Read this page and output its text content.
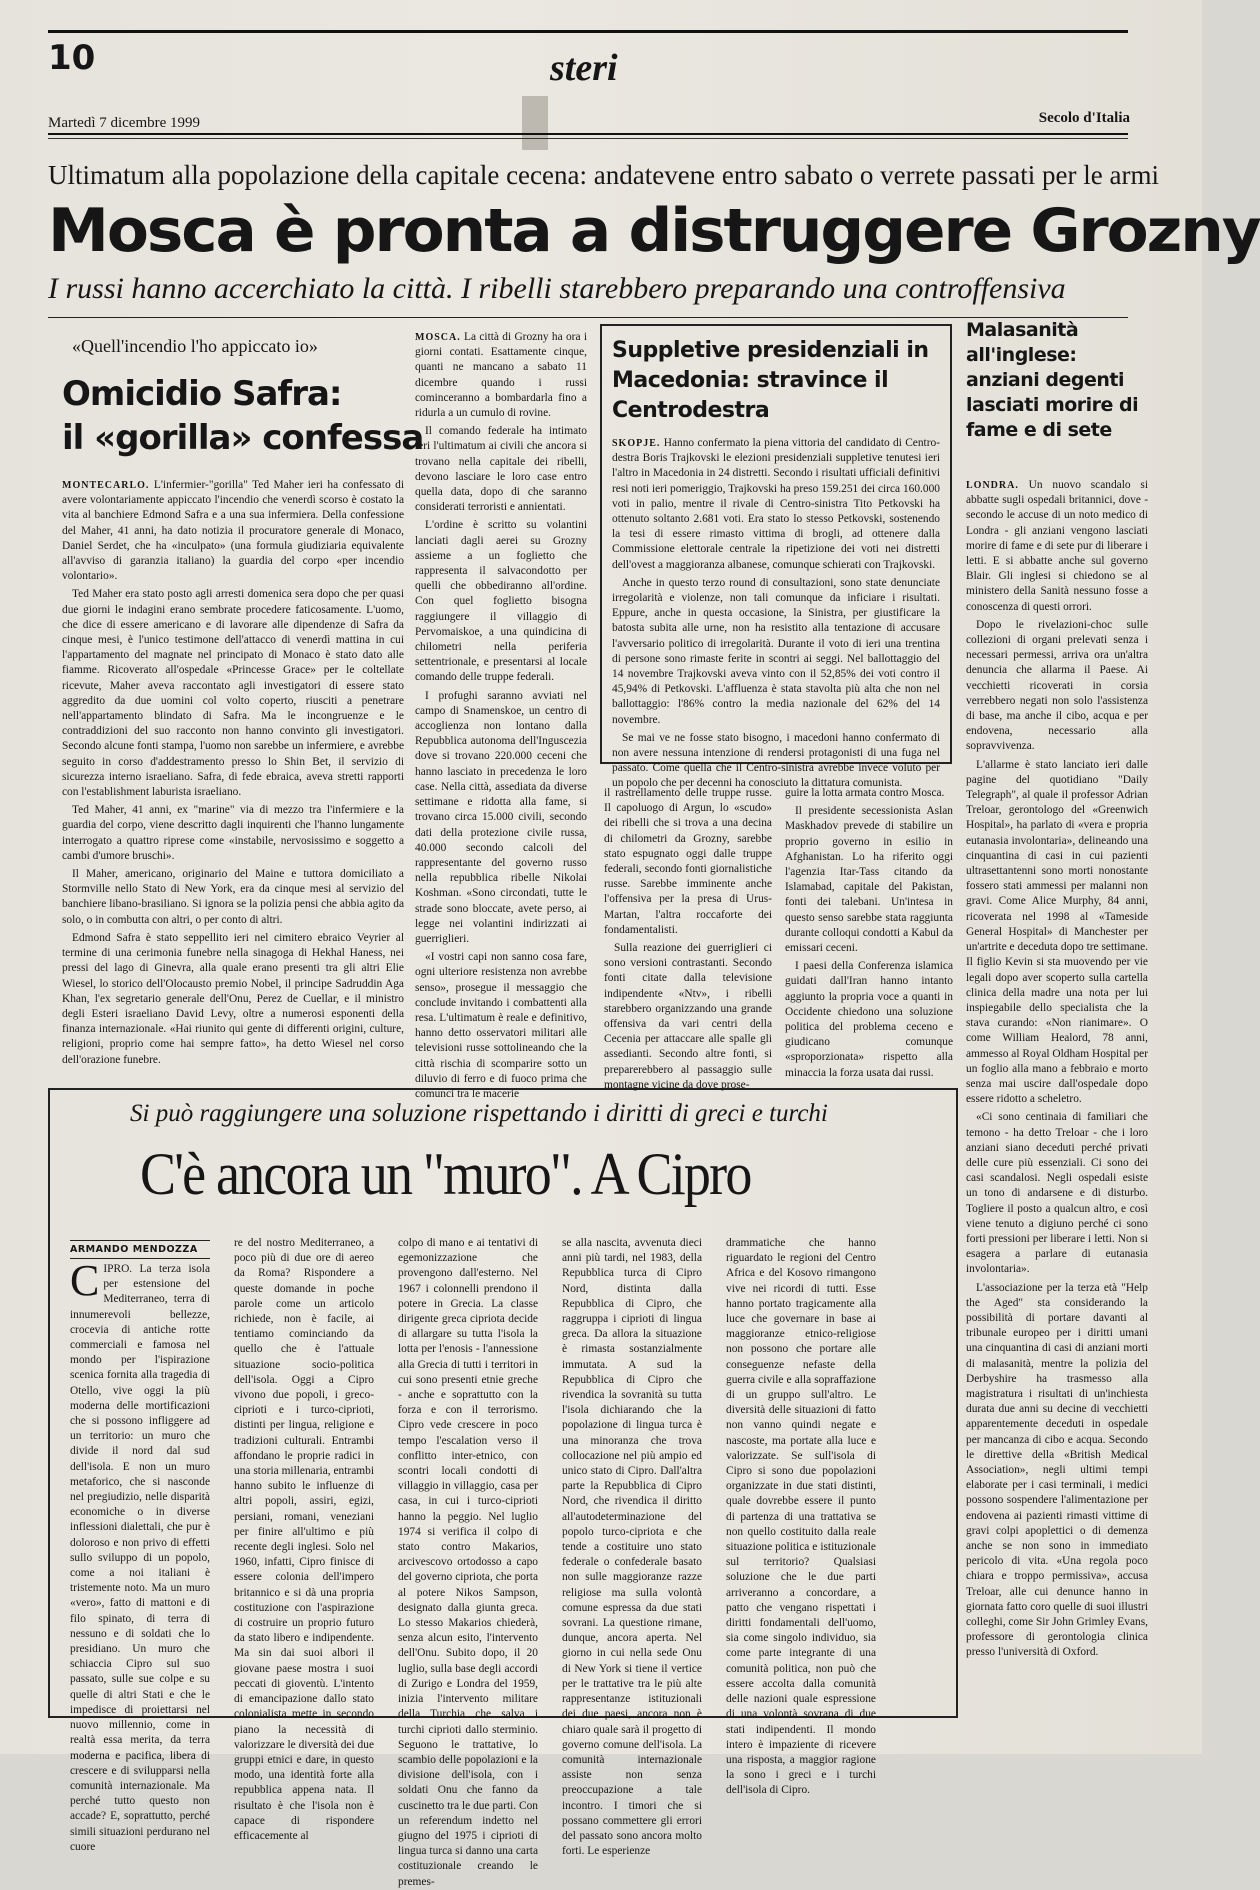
10	steri
Martedì 7 dicembre 1999	Secolo d'Italia
Ultimatum alla popolazione della capitale cecena: andatevene entro sabato o verrete passati per le armi
Mosca è pronta a distruggere Grozny
I russi hanno accerchiato la città. I ribelli starebbero preparando una controffensiva
«Quell'incendio l'ho appiccato io»
Omicidio Safra:
il «gorilla» confessa

MONTECARLO. L'infermier-"gorilla" Ted Maher ieri ha confessato di avere volontariamente appiccato l'incendio che venerdì scorso è costato la vita al banchiere Edmond Safra e a una sua infermiera. Della confessione del Maher, 41 anni, ha dato notizia il procuratore generale di Monaco, Daniel Serdet, che ha «inculpato» (una formula giudiziaria equivalente all'avviso di garanzia italiano) la guardia del corpo «per incendio volontario».

Ted Maher era stato posto agli arresti domenica sera dopo che per quasi due giorni le indagini erano sembrate procedere faticosamente. L'uomo, che dice di essere americano e di lavorare alle dipendenze di Safra da cinque mesi, è l'unico testimone dell'attacco di venerdì mattina in cui l'appartamento del magnate nel principato di Monaco è stato dato alle fiamme. Ricoverato all'ospedale «Princesse Grace» per le coltellate ricevute, Maher aveva raccontato agli investigatori di essere stato aggredito da due uomini col volto coperto, riusciti a penetrare nell'appartamento blindato di Safra. Ma le incongruenze e le contraddizioni del suo racconto non hanno convinto gli investigatori. Secondo alcune fonti stampa, l'uomo non sarebbe un infermiere, e avrebbe seguito in corso d'addestramento presso lo Shin Bet, il servizio di sicurezza interno israeliano. Safra, di fede ebraica, aveva stretti rapporti con l'establishment laburista israeliano.

Ted Maher, 41 anni, ex "marine" via di mezzo tra l'infermiere e la guardia del corpo, viene descritto dagli inquirenti che l'hanno lungamente interrogato a quattro riprese come «instabile, nervosissimo e soggetto a cambi d'umore bruschi».

Il Maher, americano, originario del Maine e tuttora domiciliato a Stormville nello Stato di New York, era da cinque mesi al servizio del banchiere libano-brasiliano. Si ignora se la polizia pensi che abbia agito da solo, o in combutta con altri, o per conto di altri.

Edmond Safra è stato seppellito ieri nel cimitero ebraico Veyrier al termine di una cerimonia funebre nella sinagoga di Hekhal Haness, nei pressi del lago di Ginevra, alla quale erano presenti tra gli altri Elie Wiesel, lo storico dell'Olocausto premio Nobel, il principe Sadruddin Aga Khan, l'ex segretario generale dell'Onu, Perez de Cuellar, e il ministro degli Esteri israeliano David Levy, oltre a numerosi esponenti della finanza internazionale. «Hai riunito qui gente di differenti origini, culture, religioni, proprio come hai sempre fatto», ha detto Wiesel nel corso dell'orazione funebre.

MOSCA. La città di Grozny ha ora i giorni contati. Esattamente cinque, quanti ne mancano a sabato 11 dicembre quando i russi cominceranno a bombardarla fino a ridurla a un cumulo di rovine.

Il comando federale ha intimato ieri l'ultimatum ai civili che ancora si trovano nella capitale dei ribelli, devono lasciare le loro case entro quella data, dopo di che saranno considerati terroristi e annientati.

L'ordine è scritto su volantini lanciati dagli aerei su Grozny assieme a un foglietto che rappresenta il salvacondotto per quelli che obbediranno all'ordine. Con quel foglietto bisogna raggiungere il villaggio di Pervomaiskoe, a una quindicina di chilometri nella periferia settentrionale, e presentarsi al locale comando delle truppe federali.

I profughi saranno avviati nel campo di Snamenskoe, un centro di accoglienza non lontano dalla Repubblica autonoma dell'Inguscezia dove si trovano 220.000 ceceni che hanno lasciato in precedenza le loro case. Nella città, assediata da diverse settimane e ridotta alla fame, si trovano circa 15.000 civili, secondo dati della protezione civile russa, 40.000 secondo calcoli del rappresentante del governo russo nella repubblica ribelle Nikolai Koshman. «Sono circondati, tutte le strade sono bloccate, avete perso, ai legge nei volantini indirizzati ai guerriglieri.

«I vostri capi non sanno cosa fare, ogni ulteriore resistenza non avrebbe senso», prosegue il messaggio che conclude invitando i combattenti alla resa. L'ultimatum è reale e definitivo, hanno detto osservatori militari alle televisioni russe sottolineando che la città rischia di scomparire sotto un diluvio di ferro e di fuoco prima che comunci tra le macerie

Suppletive presidenziali in Macedonia: stravince il Centrodestra

SKOPJE. Hanno confermato la piena vittoria del candidato di Centro-destra Boris Trajkovski le elezioni presidenziali suppletive tenutesi ieri l'altro in Macedonia in 24 distretti. Secondo i risultati ufficiali definitivi resi noti ieri pomeriggio, Trajkovski ha preso 159.251 dei circa 160.000 voti in palio, mentre il rivale di Centro-sinistra Tito Petkovski ha ottenuto soltanto 2.681 voti. Era stato lo stesso Petkovski, sostenendo la tesi di essere rimasto vittima di brogli, ad ottenere dalla Commissione elettorale centrale la ripetizione dei voti nei distretti dell'ovest a maggioranza albanese, comunque schierati con Trajkovski.

Anche in questo terzo round di consultazioni, sono state denunciate irregolarità e violenze, non tali comunque da inficiare i risultati. Eppure, anche in questa occasione, la Sinistra, per giustificare la batosta subita alle urne, non ha resistito alla tentazione di accusare l'avversario politico di irregolarità. Durante il voto di ieri una trentina di persone sono rimaste ferite in scontri ai seggi. Nel ballottaggio del 14 novembre Trajkovski aveva vinto con il 52,85% dei voti contro il 45,94% di Petkovski. L'affluenza è stata stavolta più alta che non nel ballottaggio: l'86% contro la media nazionale del 62% del 14 novembre.

Se mai ve ne fosse stato bisogno, i macedoni hanno confermato di non avere nessuna intenzione di rendersi protagonisti di una fuga nel passato. Come quella che il Centro-sinistra avrebbe invece voluto per un popolo che per decenni ha conosciuto la dittatura comunista.

il rastrellamento delle truppe russe. Il capoluogo di Argun, lo «scudo» dei ribelli che si trova a una decina di chilometri da Grozny, sarebbe stato espugnato oggi dalle truppe federali, secondo fonti giornalistiche russe. Sarebbe imminente anche l'offensiva per la presa di Urus-Martan, l'altra roccaforte dei fondamentalisti.

Sulla reazione dei guerriglieri ci sono versioni contrastanti. Secondo fonti citate dalla televisione indipendente «Ntv», i ribelli starebbero organizzando una grande offensiva da vari centri della Cecenia per attaccare alle spalle gli assedianti. Secondo altre fonti, si preparerebbero al passaggio sulle montagne vicine da dove prose-

guire la lotta armata contro Mosca.

Il presidente secessionista Aslan Maskhadov prevede di stabilire un proprio governo in esilio in Afghanistan. Lo ha riferito oggi l'agenzia Itar-Tass citando da Islamabad, capitale del Pakistan, fonti dei talebani. Un'intesa in questo senso sarebbe stata raggiunta durante colloqui condotti a Kabul da emissari ceceni.

I paesi della Conferenza islamica guidati dall'Iran hanno intanto aggiunto la propria voce a quanti in Occidente chiedono una soluzione politica del problema ceceno e giudicano comunque «sproporzionata» rispetto alla minaccia la forza usata dai russi.

Malasanità all'inglese: anziani degenti lasciati morire di fame e di sete

LONDRA. Un nuovo scandalo si abbatte sugli ospedali britannici, dove - secondo le accuse di un noto medico di Londra - gli anziani vengono lasciati morire di fame e di sete pur di liberare i letti. E si abbatte anche sul governo Blair. Gli inglesi si chiedono se al ministero della Sanità nessuno fosse a conoscenza di questi orrori.

Dopo le rivelazioni-choc sulle collezioni di organi prelevati senza i necessari permessi, arriva ora un'altra denuncia che allarma il Paese. Ai vecchietti ricoverati in corsia verrebbero negati non solo l'assistenza di base, ma anche il cibo, acqua e per endovena, necessario alla sopravvivenza.

L'allarme è stato lanciato ieri dalle pagine del quotidiano "Daily Telegraph", al quale il professor Adrian Treloar, gerontologo del «Greenwich Hospital», ha parlato di «vera e propria eutanasia involontaria», delineando una cinquantina di casi in cui pazienti ultrasettantenni sono morti nonostante fossero stati ammessi per malanni non gravi. Come Alice Murphy, 84 anni, ricoverata nel 1998 al «Tameside General Hospital» di Manchester per un'artrite e deceduta dopo tre settimane. Il figlio Kevin si sta muovendo per vie legali dopo aver scoperto sulla cartella clinica della madre una nota per lui inspiegabile dello specialista che la stava curando: «Non rianimare». O come William Healord, 78 anni, ammesso al Royal Oldham Hospital per un foglio alla mano a febbraio e morto senza mai uscire dall'ospedale dopo essere ridotto a scheletro.

«Ci sono centinaia di familiari che temono - ha detto Treloar - che i loro anziani siano deceduti perché privati delle cure più essenziali. Ci sono dei casi scandalosi. Negli ospedali esiste un tono di andarsene e di disturbo. Togliere il posto a qualcun altro, e così viene tenuto a digiuno perché ci sono forti pressioni per liberare i letti. Non si esagera a parlare di eutanasia involontaria».

L'associazione per la terza età "Help the Aged" sta considerando la possibilità di portare davanti al tribunale europeo per i diritti umani una cinquantina di casi di anziani morti di malasanità, mentre la polizia del Derbyshire ha trasmesso alla magistratura i risultati di un'inchiesta durata due anni su decine di vecchietti apparentemente deceduti in ospedale per mancanza di cibo e acqua. Secondo le direttive della «British Medical Association», negli ultimi tempi elaborate per i casi terminali, i medici possono sospendere l'alimentazione per endovena ai pazienti rimasti vittime di gravi colpi apoplettici o di demenza anche se non sono in immediato pericolo di vita. «Una regola poco chiara e troppo permissiva», accusa Treloar, alle cui denunce hanno in giornata fatto coro quelle di suoi illustri colleghi, come Sir John Grimley Evans, professore di gerontologia clinica presso l'università di Oxford.

Si può raggiungere una soluzione rispettando i diritti di greci e turchi
C'è ancora un "muro". A Cipro
ARMANDO MENDOZZA

CIPRO. La terza isola per estensione del Mediterraneo, terra di innumerevoli bellezze, crocevia di antiche rotte commerciali e famosa nel mondo per l'ispirazione scenica fornita alla tragedia di Otello, vive oggi la più moderna delle mortificazioni che si possono infliggere ad un territorio: un muro che divide il nord dal sud dell'isola. E non un muro metaforico, che si nasconde nel pregiudizio, nelle disparità economiche o in diverse inflessioni dialettali, che pur è doloroso e non privo di effetti sullo sviluppo di un popolo, come a noi italiani è tristemente noto. Ma un muro «vero», fatto di mattoni e di filo spinato, di terra di nessuno e di soldati che lo presidiano. Un muro che schiaccia Cipro sul suo passato, sulle sue colpe e su quelle di altri Stati e che le impedisce di proiettarsi nel nuovo millennio, come in realtà essa merita, da terra moderna e pacifica, libera di crescere e di svilupparsi nella comunità internazionale. Ma perché tutto questo non accade? E, soprattutto, perché simili situazioni perdurano nel cuore

re del nostro Mediterraneo, a poco più di due ore di aereo da Roma? Rispondere a queste domande in poche parole come un articolo richiede, non è facile, ai tentiamo cominciando da quello che è l'attuale situazione socio-politica dell'isola. Oggi a Cipro vivono due popoli, i greco-ciprioti e i turco-ciprioti, distinti per lingua, religione e tradizioni culturali. Entrambi affondano le proprie radici in una storia millenaria, entrambi hanno subito le influenze di altri popoli, assiri, egizi, persiani, romani, veneziani per finire all'ultimo e più recente degli inglesi. Solo nel 1960, infatti, Cipro finisce di essere colonia dell'impero britannico e si dà una propria costituzione con l'aspirazione di costruire un proprio futuro da stato libero e indipendente. Ma sin dai suoi albori il giovane paese mostra i suoi peccati di gioventù. L'intento di emancipazione dallo stato colonialista mette in secondo piano la necessità di valorizzare le diversità dei due gruppi etnici e dare, in questo modo, una identità forte alla repubblica appena nata. Il risultato è che l'isola non è capace di rispondere efficacemente al

colpo di mano e ai tentativi di egemonizzazione che provengono dall'esterno. Nel 1967 i colonnelli prendono il potere in Grecia. La classe dirigente greca cipriota decide di allargare su tutta l'isola la lotta per l'enosis - l'annessione alla Grecia di tutti i territori in cui sono presenti etnie greche - anche e soprattutto con la forza e con il terrorismo. Cipro vede crescere in poco tempo l'escalation verso il conflitto inter-etnico, con scontri locali condotti di villaggio in villaggio, casa per casa, in cui i turco-ciprioti hanno la peggio. Nel luglio 1974 si verifica il colpo di stato contro Makarios, arcivescovo ortodosso a capo del governo cipriota, che porta al potere Nikos Sampson, designato dalla giunta greca. Lo stesso Makarios chiederà, senza alcun esito, l'intervento dell'Onu. Subito dopo, il 20 luglio, sulla base degli accordi di Zurigo e Londra del 1959, inizia l'intervento militare della Turchia che salva i turchi ciprioti dallo sterminio. Seguono le trattative, lo scambio delle popolazioni e la divisione dell'isola, con i soldati Onu che fanno da cuscinetto tra le due parti. Con un referendum indetto nel giugno del 1975 i ciprioti di lingua turca si danno una carta costituzionale creando le premes-

se alla nascita, avvenuta dieci anni più tardi, nel 1983, della Repubblica turca di Cipro Nord, distinta dalla Repubblica di Cipro, che raggruppa i ciprioti di lingua greca. Da allora la situazione è rimasta sostanzialmente immutata. A sud la Repubblica di Cipro che rivendica la sovranità su tutta l'isola dichiarando che la popolazione di lingua turca è una minoranza che trova collocazione nel più ampio ed unico stato di Cipro. Dall'altra parte la Repubblica di Cipro Nord, che rivendica il diritto all'autodeterminazione del popolo turco-cipriota e che tende a costituire uno stato federale o confederale basato non sulle maggioranze razze religiose ma sulla volontà comune espressa da due stati sovrani. La questione rimane, dunque, ancora aperta. Nel giorno in cui nella sede Onu di New York si tiene il vertice per le trattative tra le più alte rappresentanze istituzionali dei due paesi, ancora non è chiaro quale sarà il progetto di governo comune dell'isola. La comunità internazionale assiste non senza preoccupazione a tale incontro. I timori che si possano commettere gli errori del passato sono ancora molto forti. Le esperienze

drammatiche che hanno riguardato le regioni del Centro Africa e del Kosovo rimangono vive nei ricordi di tutti. Esse hanno portato tragicamente alla luce che governare in base ai maggioranze etnico-religiose non possono che portare alle conseguenze nefaste della guerra civile e alla sopraffazione di un gruppo sull'altro. Le diversità delle situazioni di fatto non vanno quindi negate e nascoste, ma portate alla luce e valorizzate. Se sull'isola di Cipro si sono due popolazioni organizzate in due stati distinti, quale dovrebbe essere il punto di partenza di una trattativa se non quello costituito dalla reale situazione politica e istituzionale sul territorio? Qualsiasi soluzione che le due parti arriveranno a concordare, a patto che vengano rispettati i diritti fondamentali dell'uomo, sia come singolo individuo, sia come parte integrante di una comunità politica, non può che essere accolta dalla comunità delle nazioni quale espressione di una volontà sovrana di due stati indipendenti. Il mondo intero è impaziente di ricevere una risposta, a maggior ragione la sono i greci e i turchi dell'isola di Cipro.
